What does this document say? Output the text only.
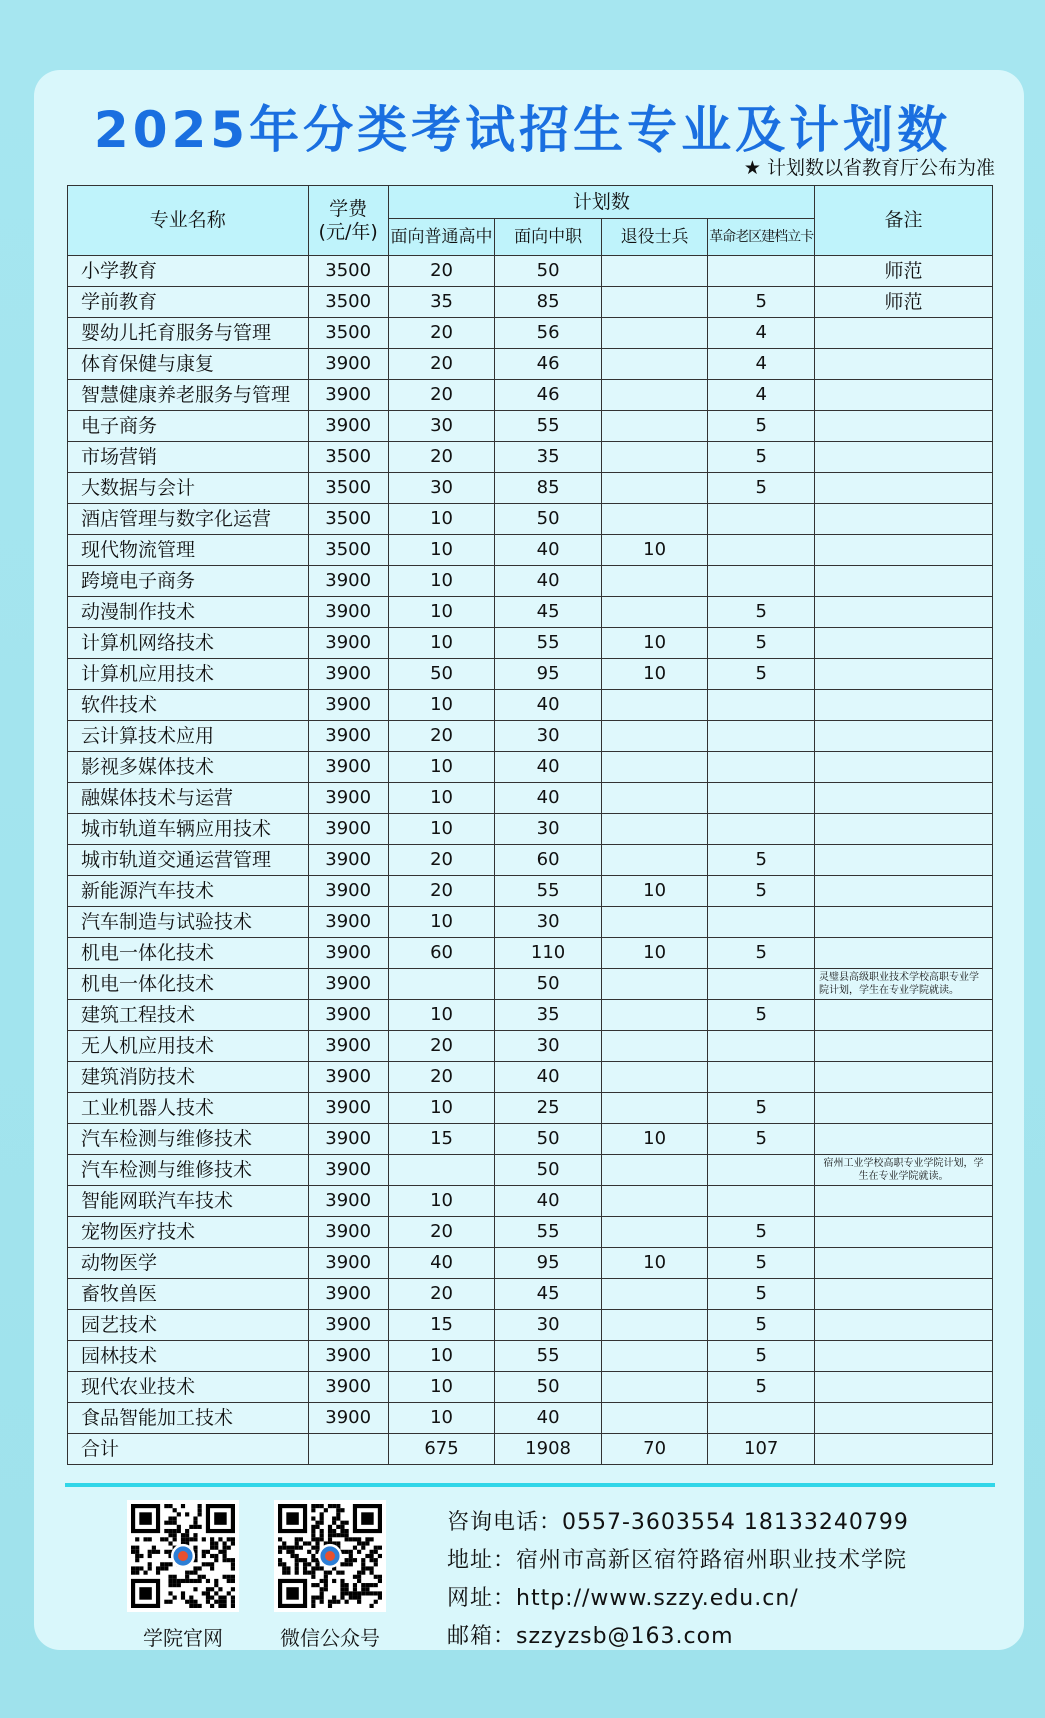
2025年分类考试招生专业及计划数
★ 计划数以省教育厅公布为准
专业名称	学费
(元/年)	计划数				备注
		面向普通高中	面向中职	退役士兵	革命老区建档立卡	
小学教育	3500	20	50			师范
学前教育	3500	35	85		5	师范
婴幼儿托育服务与管理	3500	20	56		4	
体育保健与康复	3900	20	46		4	
智慧健康养老服务与管理	3900	20	46		4	
电子商务	3900	30	55		5	
市场营销	3500	20	35		5	
大数据与会计	3500	30	85		5	
酒店管理与数字化运营	3500	10	50			
现代物流管理	3500	10	40	10		
跨境电子商务	3900	10	40			
动漫制作技术	3900	10	45		5	
计算机网络技术	3900	10	55	10	5	
计算机应用技术	3900	50	95	10	5	
软件技术	3900	10	40			
云计算技术应用	3900	20	30			
影视多媒体技术	3900	10	40			
融媒体技术与运营	3900	10	40			
城市轨道车辆应用技术	3900	10	30			
城市轨道交通运营管理	3900	20	60		5	
新能源汽车技术	3900	20	55	10	5	
汽车制造与试验技术	3900	10	30			
机电一体化技术	3900	60	110	10	5	
机电一体化技术	3900		50			灵璧县高级职业技术学校高职专业学院计划，学生在专业学院就读。
建筑工程技术	3900	10	35		5	
无人机应用技术	3900	20	30			
建筑消防技术	3900	20	40			
工业机器人技术	3900	10	25		5	
汽车检测与维修技术	3900	15	50	10	5	
汽车检测与维修技术	3900		50			宿州工业学校高职专业学院计划，学生在专业学院就读。
智能网联汽车技术	3900	10	40			
宠物医疗技术	3900	20	55		5	
动物医学	3900	40	95	10	5	
畜牧兽医	3900	20	45		5	
园艺技术	3900	15	30		5	
园林技术	3900	10	55		5	
现代农业技术	3900	10	50		5	
食品智能加工技术	3900	10	40			
合计		675	1908	70	107	
学院官网	微信公众号
咨询电话：0557-3603554 18133240799
地址：宿州市高新区宿符路宿州职业技术学院
网址：http://www.szzy.edu.cn/
邮箱：szzyzsb@163.com
